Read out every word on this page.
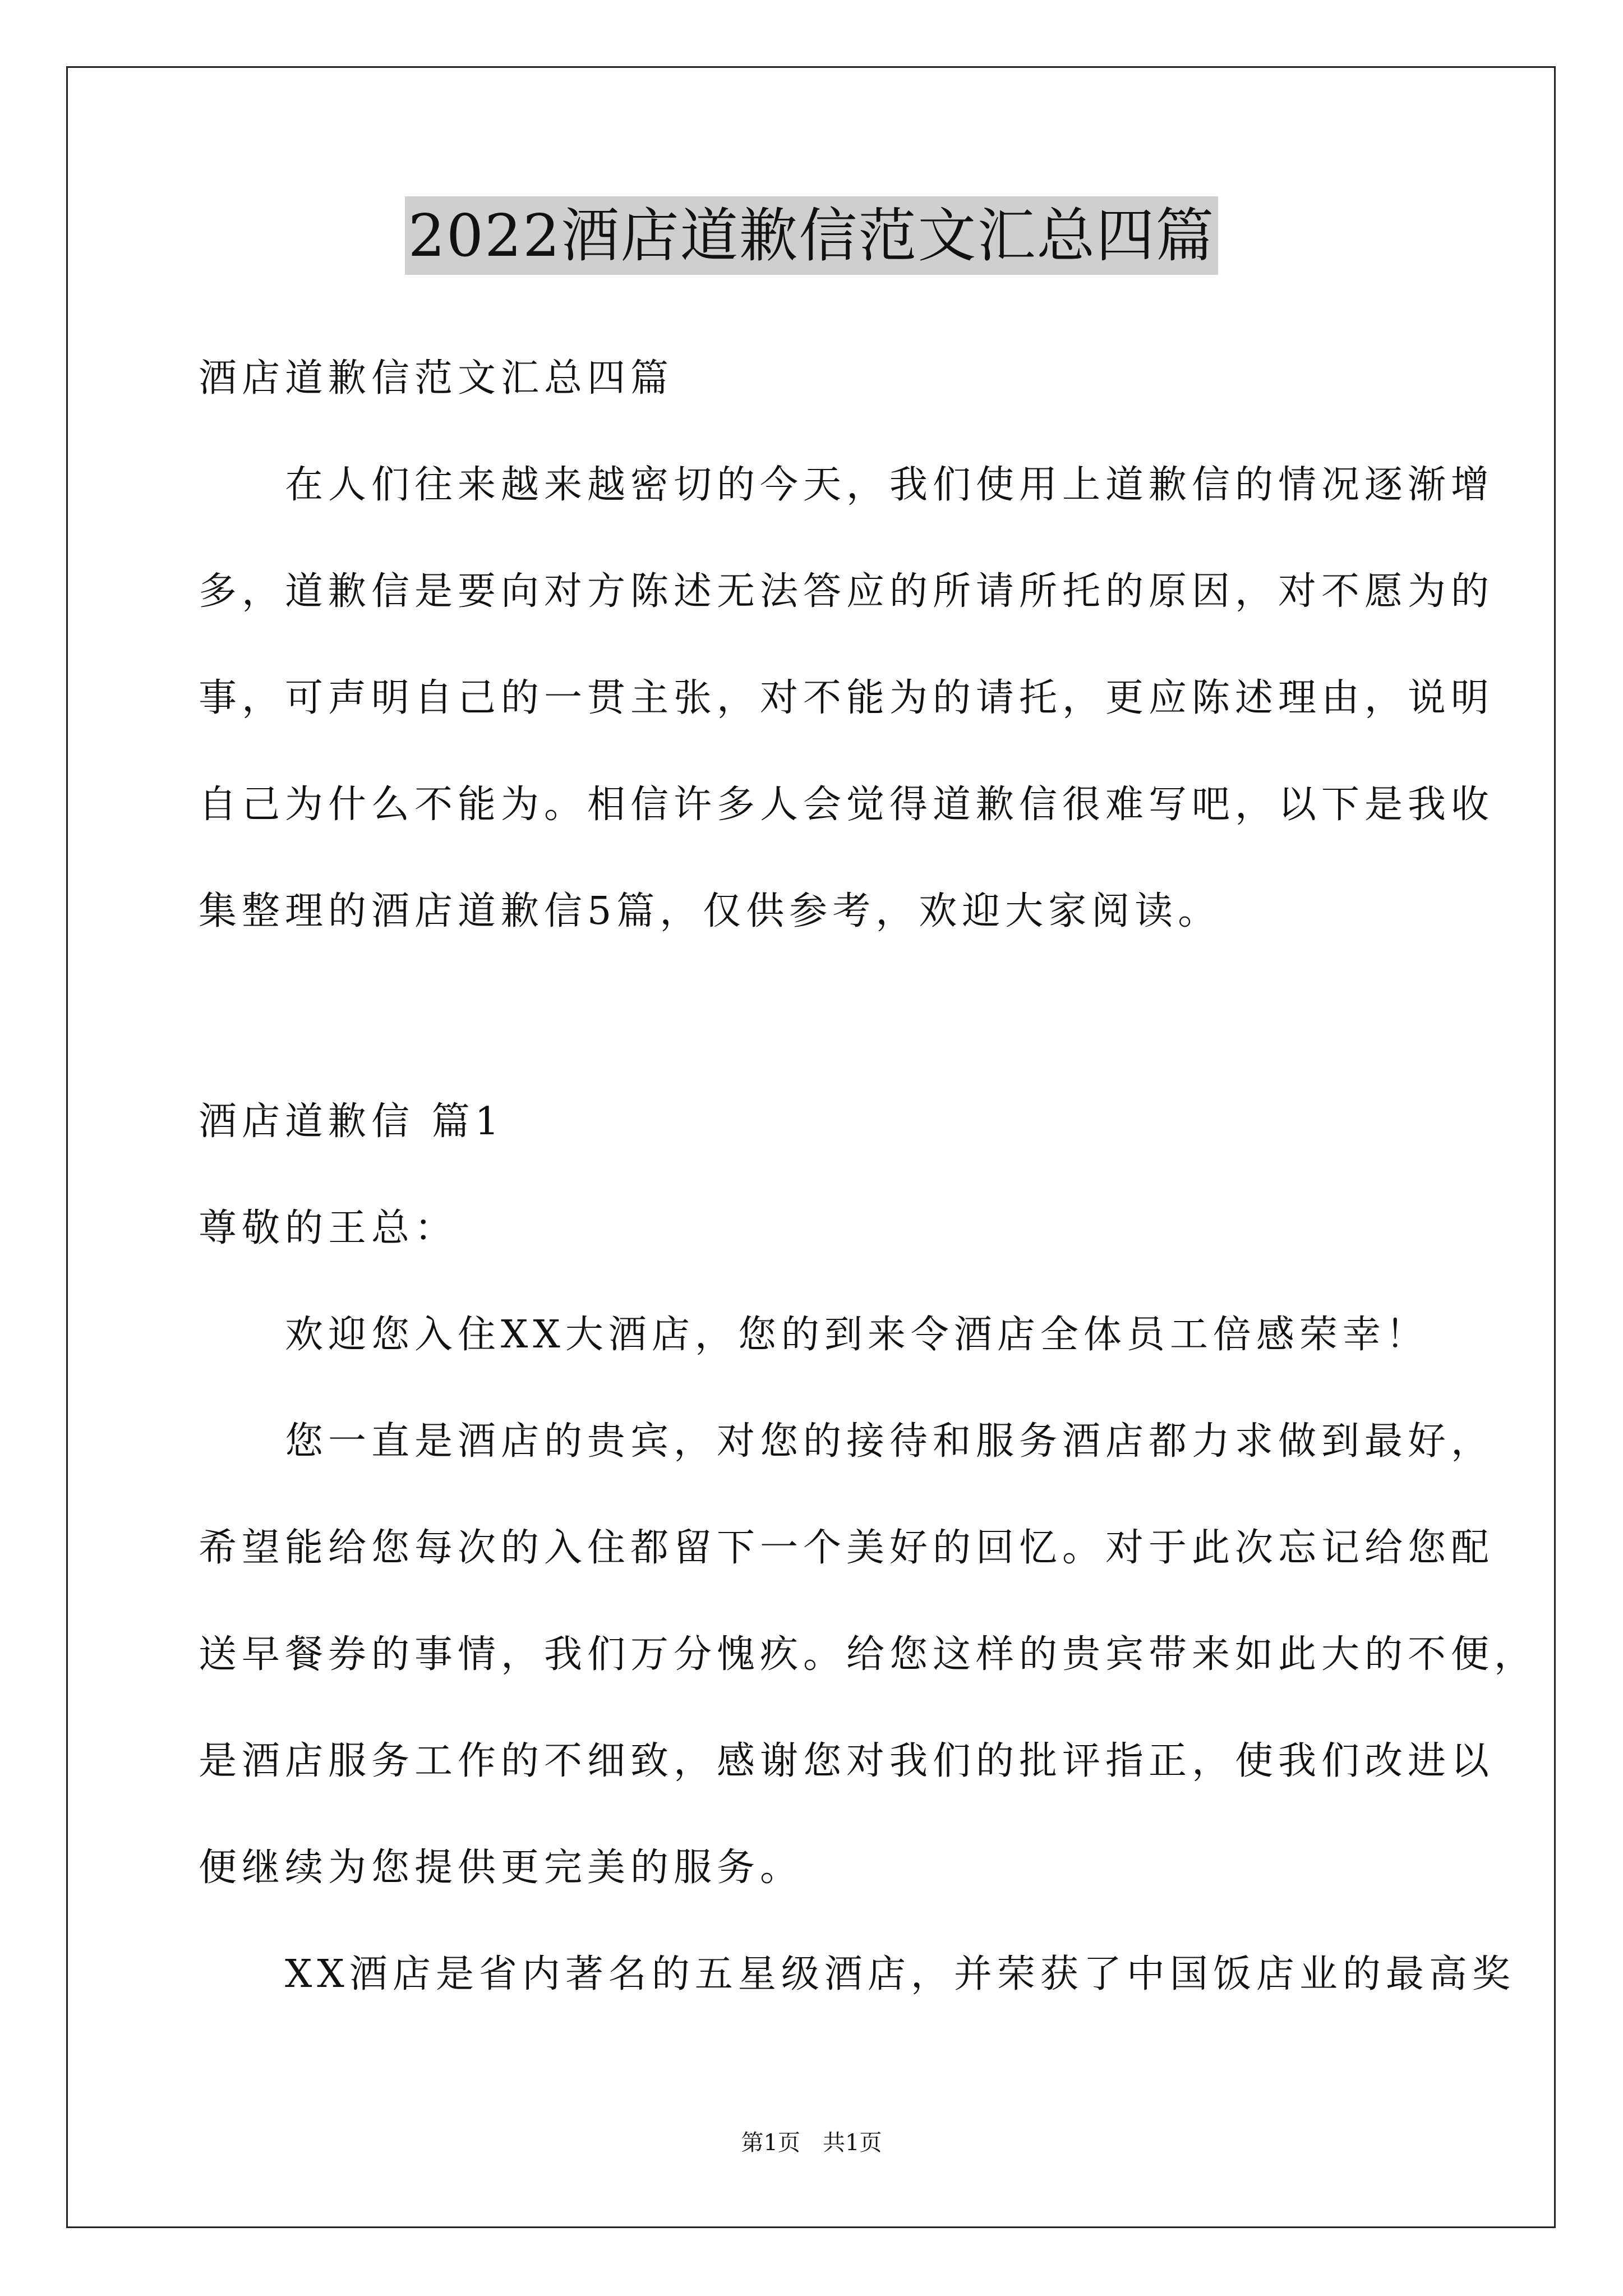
2022酒店道歉信范文汇总四篇
酒店道歉信范文汇总四篇
　　在人们往来越来越密切的今天，我们使用上道歉信的情况逐渐增
多，道歉信是要向对方陈述无法答应的所请所托的原因，对不愿为的
事，可声明自己的一贯主张，对不能为的请托，更应陈述理由，说明
自己为什么不能为。相信许多人会觉得道歉信很难写吧，以下是我收
集整理的酒店道歉信5篇，仅供参考，欢迎大家阅读。
酒店道歉信 篇1
尊敬的王总：
　　欢迎您入住XX大酒店，您的到来令酒店全体员工倍感荣幸！
　　您一直是酒店的贵宾，对您的接待和服务酒店都力求做到最好，
希望能给您每次的入住都留下一个美好的回忆。对于此次忘记给您配
送早餐券的事情，我们万分愧疚。给您这样的贵宾带来如此大的不便，
是酒店服务工作的不细致，感谢您对我们的批评指正，使我们改进以
便继续为您提供更完美的服务。
　　XX酒店是省内著名的五星级酒店，并荣获了中国饭店业的最高奖
第1页　共1页
